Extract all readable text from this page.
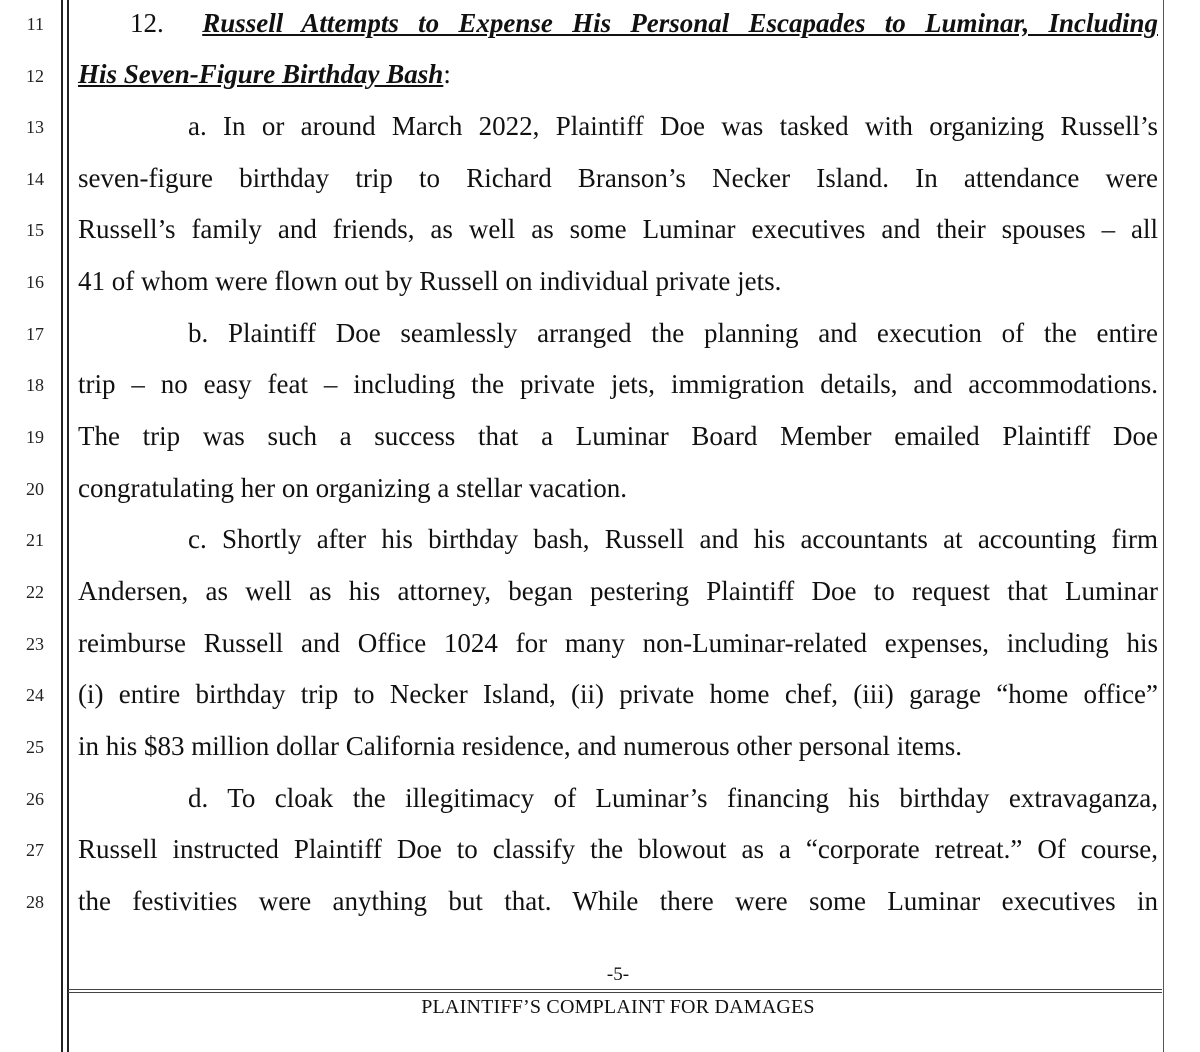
11
12
13
14
15
16
17
18
19
20
21
22
23
24
25
26
27
28
12. Russell Attempts to Expense His Personal Escapades to Luminar, Including
His Seven-Figure Birthday Bash:
a. In or around March 2022, Plaintiff Doe was tasked with organizing Russell’s
seven-figure birthday trip to Richard Branson’s Necker Island. In attendance were
Russell’s family and friends, as well as some Luminar executives and their spouses – all
41 of whom were flown out by Russell on individual private jets.
b. Plaintiff Doe seamlessly arranged the planning and execution of the entire
trip – no easy feat – including the private jets, immigration details, and accommodations.
The trip was such a success that a Luminar Board Member emailed Plaintiff Doe
congratulating her on organizing a stellar vacation.
c. Shortly after his birthday bash, Russell and his accountants at accounting firm
Andersen, as well as his attorney, began pestering Plaintiff Doe to request that Luminar
reimburse Russell and Office 1024 for many non-Luminar-related expenses, including his
(i) entire birthday trip to Necker Island, (ii) private home chef, (iii) garage “home office”
in his $83 million dollar California residence, and numerous other personal items.
d. To cloak the illegitimacy of Luminar’s financing his birthday extravaganza,
Russell instructed Plaintiff Doe to classify the blowout as a “corporate retreat.” Of course,
the festivities were anything but that. While there were some Luminar executives in
-5-
PLAINTIFF’S COMPLAINT FOR DAMAGES
